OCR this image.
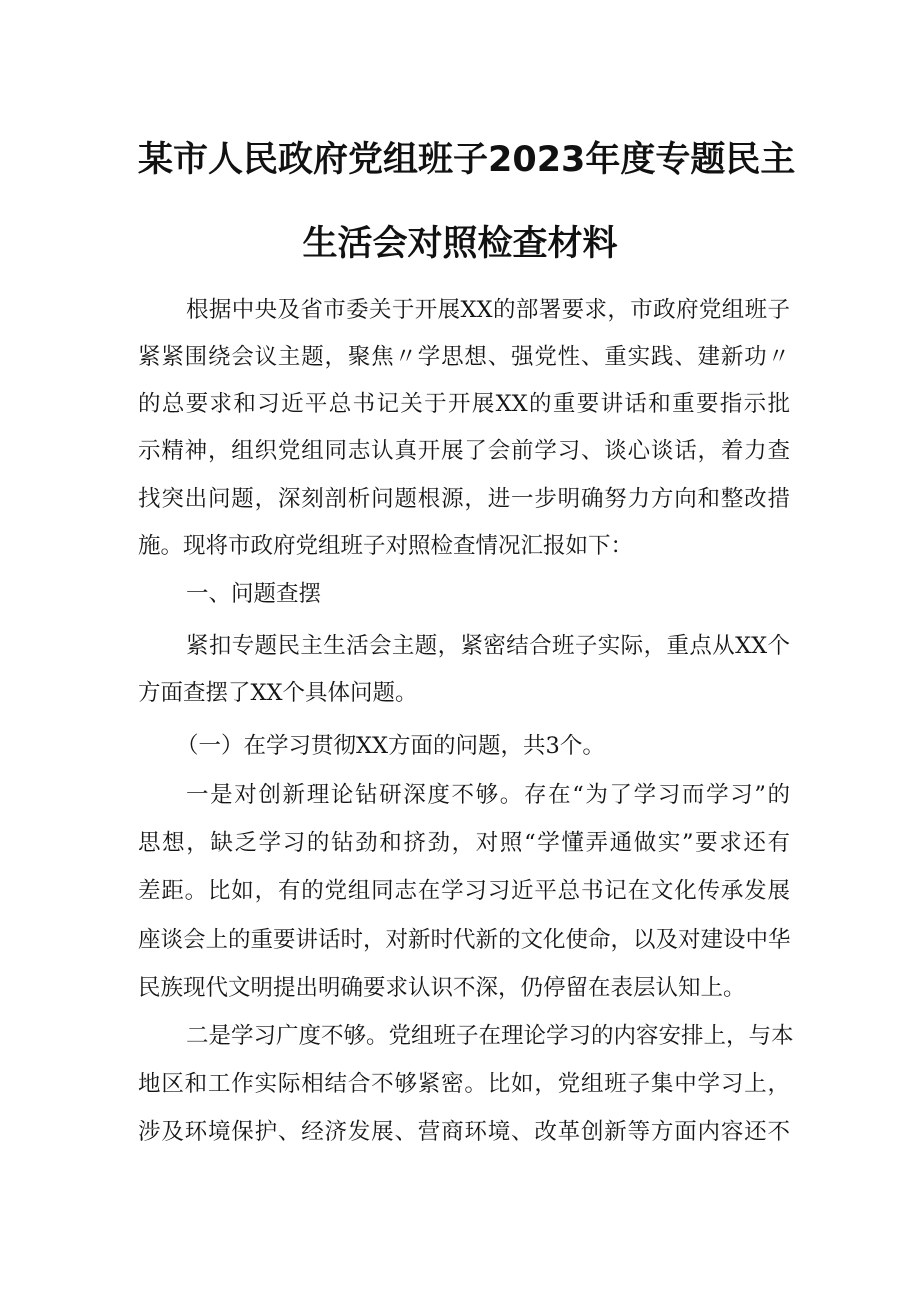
某市人民政府党组班子2023年度专题民主
生活会对照检查材料
根据中央及省市委关于开展XX的部署要求，市政府党组班子
紧紧围绕会议主题，聚焦〃学思想、强党性、重实践、建新功〃
的总要求和习近平总书记关于开展XX的重要讲话和重要指示批
示精神，组织党组同志认真开展了会前学习、谈心谈话，着力查
找突出问题，深刻剖析问题根源，进一步明确努力方向和整改措
施。现将市政府党组班子对照检查情况汇报如下：
一、问题查摆
紧扣专题民主生活会主题，紧密结合班子实际，重点从XX个
方面查摆了XX个具体问题。
（一）在学习贯彻XX方面的问题，共3个。
一是对创新理论钻研深度不够。存在“为了学习而学习”的
思想，缺乏学习的钻劲和挤劲，对照“学懂弄通做实”要求还有
差距。比如，有的党组同志在学习习近平总书记在文化传承发展
座谈会上的重要讲话时，对新时代新的文化使命，以及对建设中华
民族现代文明提出明确要求认识不深，仍停留在表层认知上。
二是学习广度不够。党组班子在理论学习的内容安排上，与本
地区和工作实际相结合不够紧密。比如，党组班子集中学习上，
涉及环境保护、经济发展、营商环境、改革创新等方面内容还不
